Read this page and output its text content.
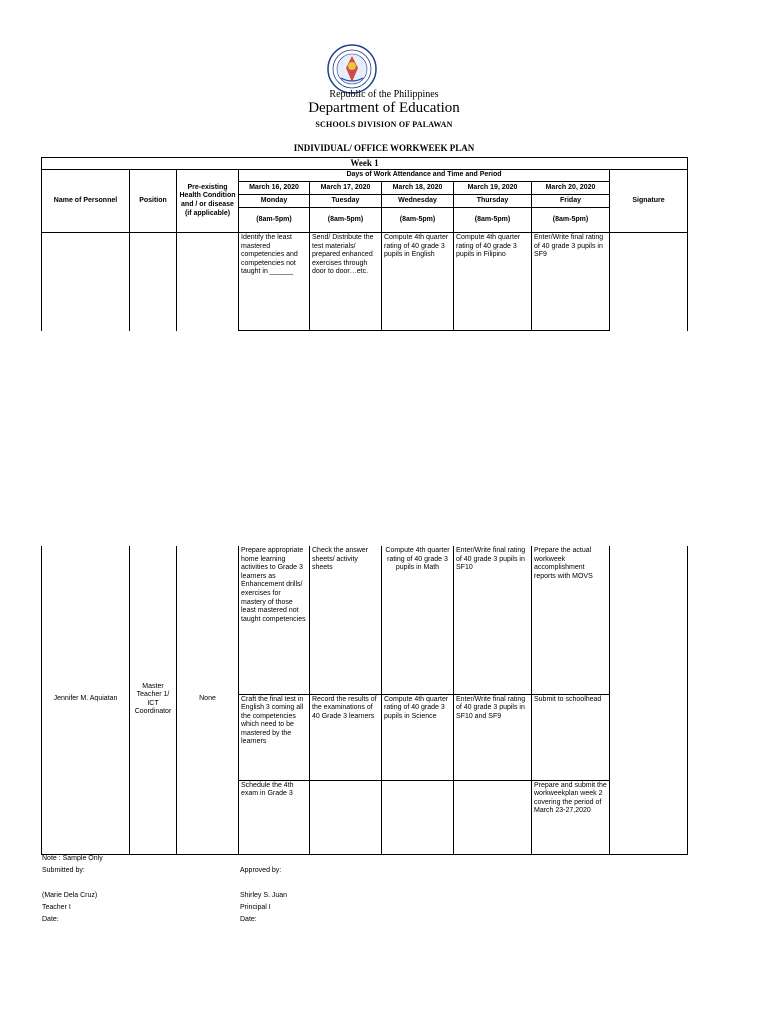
Republic of the Philippines
Department of Education
SCHOOLS DIVISION OF PALAWAN
INDIVIDUAL/ OFFICE WORKWEEK PLAN
Week 1								
Name of Personnel	Position	Pre-existing Health Condition and / or disease (if applicable)	Days of Work Attendance and Time and Period					Signature
			March 16, 2020	March 17, 2020	March 18, 2020	March 19, 2020	March 20, 2020	
			Monday	Tuesday	Wednesday	Thursday	Friday	
			(8am-5pm)	(8am-5pm)	(8am-5pm)	(8am-5pm)	(8am-5pm)	
			Identify the least mastered competencies and competencies not taught in ______	Send/ Distribute the test materials/ prepared enhanced exercises through door to door…etc.	Compute 4th quarter rating of 40 grade 3 pupils in English	Compute 4th quarter rating of 40 grade 3 pupils in Filipino	Enter/Write final rating of 40 grade 3 pupils in SF9	
Jennifer M. Aquiatan	Master Teacher 1/ ICT Coordinator	None	Prepare appropriate home learning activities to Grade 3 learners as Enhancement drills/ exercises for mastery of those least mastered not taught competencies	Check the answer sheets/ activity sheets	Compute 4th quarter rating of 40 grade 3 pupils in Math	Enter/Write final rating of 40 grade 3 pupils in SF10	Prepare the actual workweek accomplishment reports with MOVS	
			Craft the final test in English 3 coming all the competencies which need to be mastered by the learners	Record the results of the examinations of 40 Grade 3 learners	Compute 4th quarter rating of 40 grade 3 pupils in Science	Enter/Write final rating of 40 grade 3 pupils in SF10 and SF9	Submit to schoolhead	
			Schedule the 4th exam in Grade 3				Prepare and submit the workweekplan week 2 covering the period of March 23-27,2020	
Note : Sample Only
Submitted by:	Approved by:
(Marie Dela Cruz)	Shirley S. Juan
Teacher I	Principal I
Date:	Date:
